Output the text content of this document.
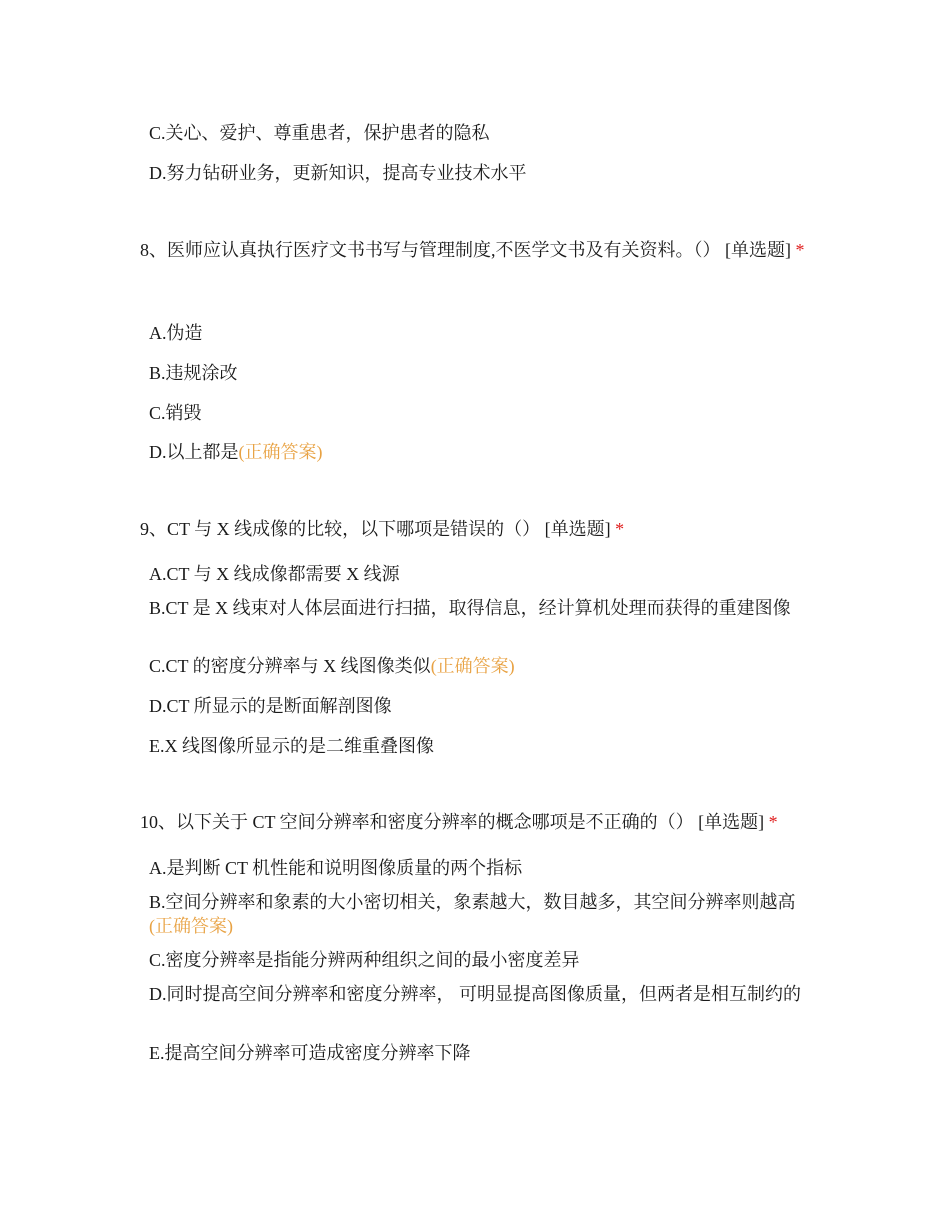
C.关心、爱护、尊重患者，保护患者的隐私

D.努力钻研业务，更新知识，提高专业技术水平

8、医师应认真执行医疗文书书写与管理制度,不医学文书及有关资料。（） [单选题] *

A.伪造

B.违规涂改

C.销毁

D.以上都是(正确答案)

9、CT 与 X 线成像的比较，以下哪项是错误的（） [单选题] *

A.CT 与 X 线成像都需要 X 线源

B.CT 是 X 线束对人体层面进行扫描，取得信息，经计算机处理而获得的重建图像

C.CT 的密度分辨率与 X 线图像类似(正确答案)

D.CT 所显示的是断面解剖图像

E.X 线图像所显示的是二维重叠图像

10、以下关于 CT 空间分辨率和密度分辨率的概念哪项是不正确的（） [单选题] *

A.是判断 CT 机性能和说明图像质量的两个指标

B.空间分辨率和象素的大小密切相关，象素越大，数目越多，其空间分辨率则越高(正确答案)

C.密度分辨率是指能分辨两种组织之间的最小密度差异

D.同时提高空间分辨率和密度分辨率， 可明显提高图像质量，但两者是相互制约的

E.提高空间分辨率可造成密度分辨率下降
